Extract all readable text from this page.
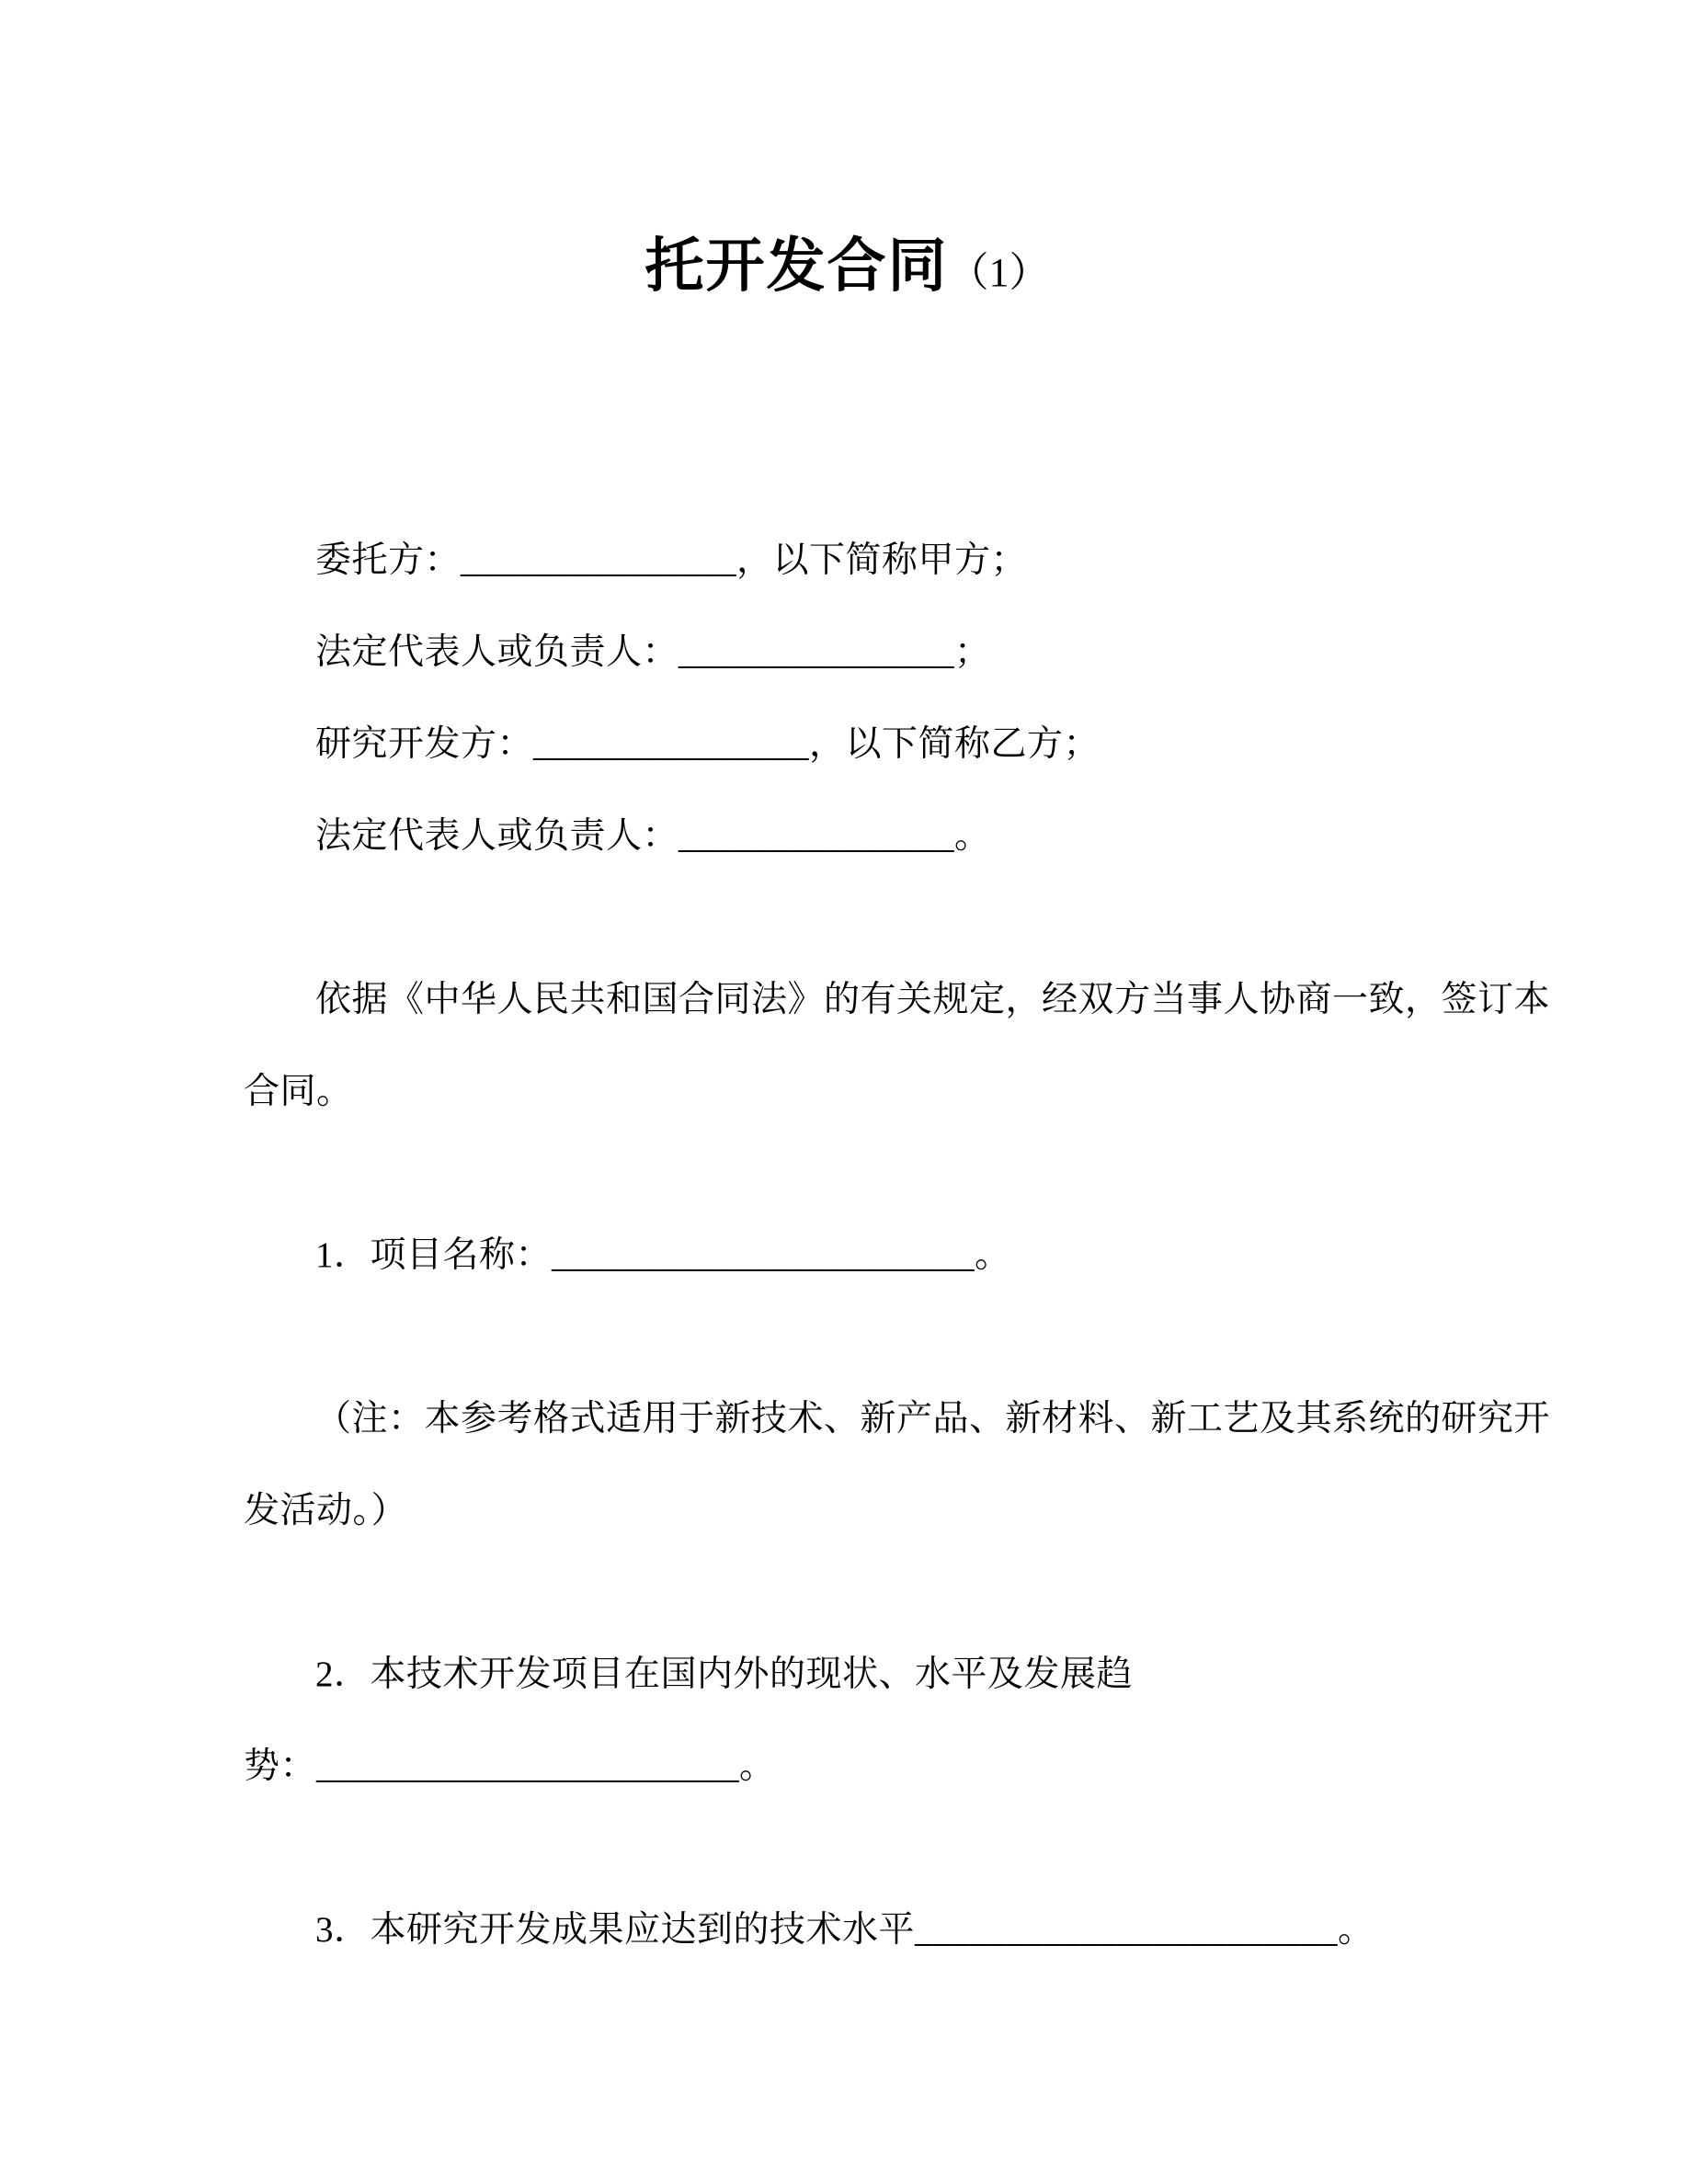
托开发合同（1）
委托方：_______________，以下简称甲方；
法定代表人或负责人：_______________；
研究开发方：_______________，以下简称乙方；
法定代表人或负责人：_______________。
依据《中华人民共和国合同法》的有关规定，经双方当事人协商一致，签订本
合同。
1．项目名称：_______________________。
（注：本参考格式适用于新技术、新产品、新材料、新工艺及其系统的研究开
发活动。）
2．本技术开发项目在国内外的现状、水平及发展趋
势：_______________________。
3．本研究开发成果应达到的技术水平_______________________。
